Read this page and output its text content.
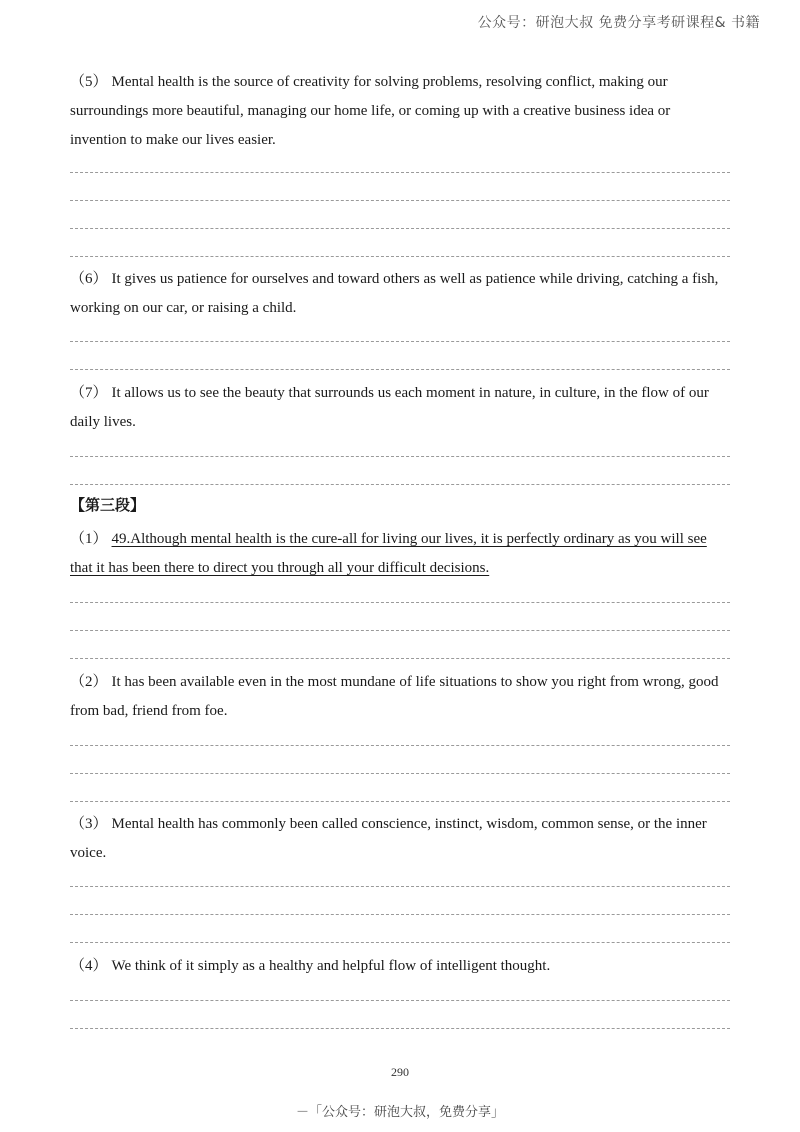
公众号：研泡大叔 免费分享考研课程& 书籍

（5） Mental health is the source of creativity for solving problems, resolving conflict, making our surroundings more beautiful, managing our home life, or coming up with a creative business idea or invention to make our lives easier.

（6） It gives us patience for ourselves and toward others as well as patience while driving, catching a fish, working on our car, or raising a child.

（7） It allows us to see the beauty that surrounds us each moment in nature, in culture, in the flow of our daily lives.

【第三段】

（1） 49.Although mental health is the cure-all for living our lives, it is perfectly ordinary as you will see that it has been there to direct you through all your difficult decisions.

（2） It has been available even in the most mundane of life situations to show you right from wrong, good from bad, friend from foe.

（3） Mental health has commonly been called conscience, instinct, wisdom, common sense, or the inner voice.

（4） We think of it simply as a healthy and helpful flow of intelligent thought.

290
－「公众号：研泡大叔，免费分享」
